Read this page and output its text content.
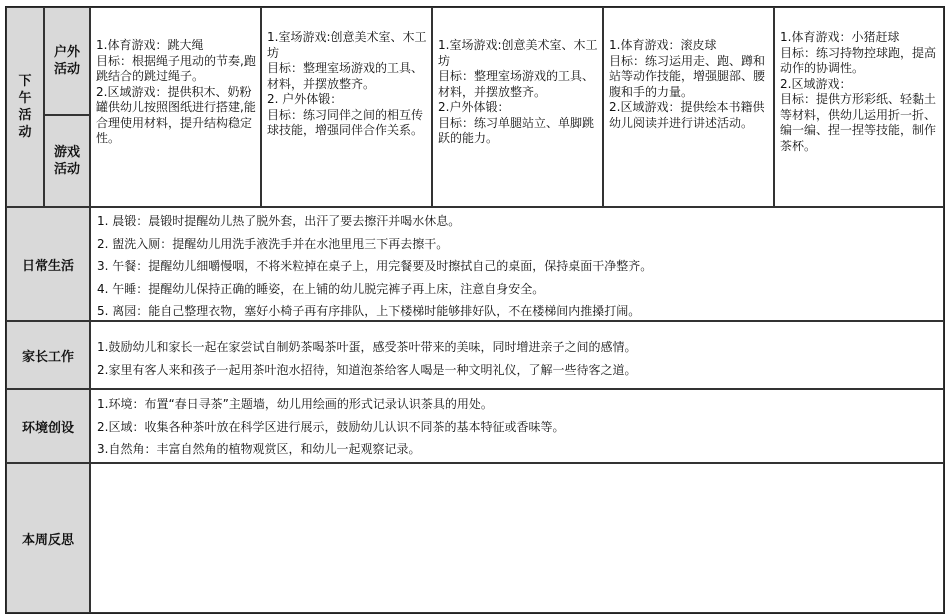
下午活动
户外活动
游戏活动

1.体育游戏：跳大绳

目标：根据绳子甩动的节奏,跑跳结合的跳过绳子。

2.区域游戏：提供积木、奶粉罐供幼儿按照图纸进行搭建,能合理使用材料，提升结构稳定性。

1.室场游戏:创意美术室、木工坊

目标：整理室场游戏的工具、材料，并摆放整齐。

2. 户外体锻：

目标：练习同伴之间的相互传球技能，增强同伴合作关系。

1.室场游戏:创意美术室、木工坊

目标：整理室场游戏的工具、材料，并摆放整齐。

2.户外体锻：

目标：练习单腿站立、单脚跳跃的能力。

1.体育游戏：滚皮球

目标：练习运用走、跑、蹲和站等动作技能，增强腿部、腰腹和手的力量。

2.区域游戏：提供绘本书籍供幼儿阅读并进行讲述活动。

1.体育游戏：小猪赶球

目标：练习持物控球跑，提高动作的协调性。

2.区域游戏：

目标：提供方形彩纸、轻黏土等材料，供幼儿运用折一折、编一编、捏一捏等技能，制作茶杯。

日常生活

1. 晨锻：晨锻时提醒幼儿热了脱外套，出汗了要去擦汗并喝水休息。

2. 盥洗入厕：提醒幼儿用洗手液洗手并在水池里甩三下再去擦干。

3. 午餐：提醒幼儿细嚼慢咽，不将米粒掉在桌子上，用完餐要及时擦拭自己的桌面，保持桌面干净整齐。

4. 午睡：提醒幼儿保持正确的睡姿，在上铺的幼儿脱完裤子再上床，注意自身安全。

5. 离园：能自己整理衣物，塞好小椅子再有序排队，上下楼梯时能够排好队，不在楼梯间内推搡打闹。

家长工作

1.鼓励幼儿和家长一起在家尝试自制奶茶喝茶叶蛋，感受茶叶带来的美味，同时增进亲子之间的感情。

2.家里有客人来和孩子一起用茶叶泡水招待，知道泡茶给客人喝是一种文明礼仪，了解一些待客之道。

环境创设

1.环境：布置“春日寻茶”主题墙，幼儿用绘画的形式记录认识茶具的用处。

2.区域：收集各种茶叶放在科学区进行展示，鼓励幼儿认识不同茶的基本特征或香味等。

3.自然角：丰富自然角的植物观赏区，和幼儿一起观察记录。

本周反思
